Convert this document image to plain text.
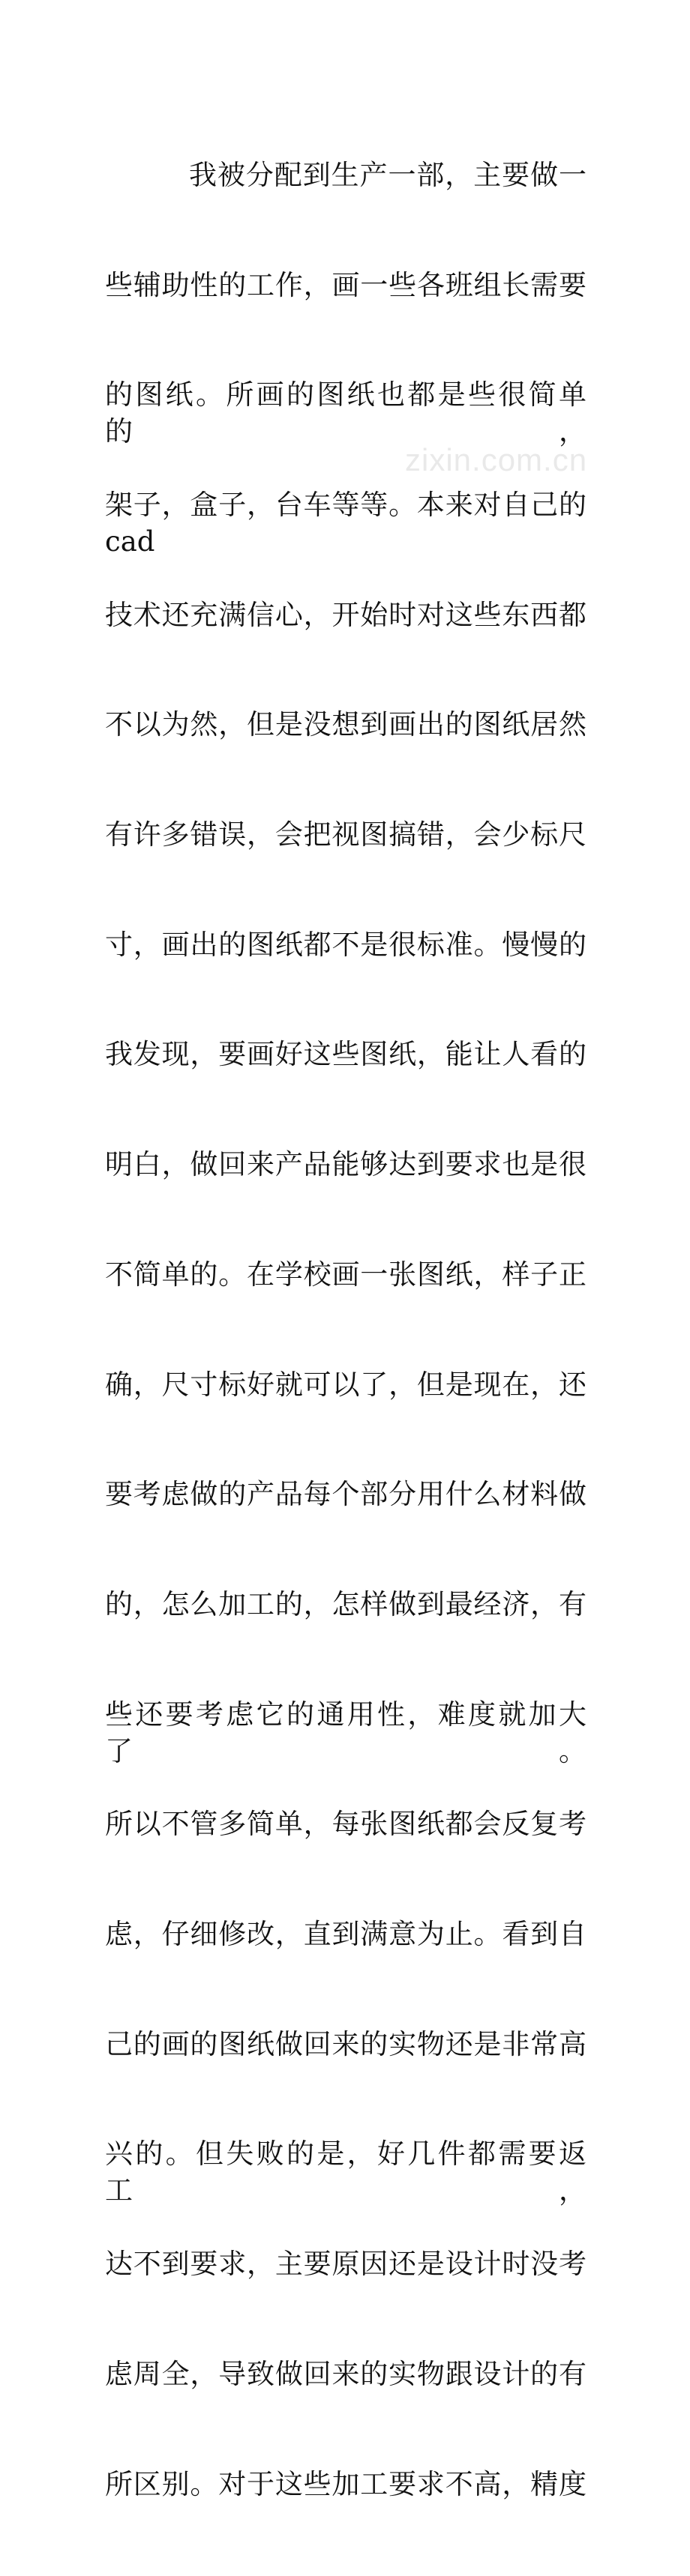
我被分配到生产一部，主要做一

些辅助性的工作，画一些各班组长需要

的图纸。所画的图纸也都是些很简单的，

架子，盒子，台车等等。本来对自己的 cad

技术还充满信心，开始时对这些东西都

不以为然，但是没想到画出的图纸居然

有许多错误，会把视图搞错，会少标尺

寸，画出的图纸都不是很标准。慢慢的

我发现，要画好这些图纸，能让人看的

明白，做回来产品能够达到要求也是很

不简单的。在学校画一张图纸，样子正

确，尺寸标好就可以了，但是现在，还

要考虑做的产品每个部分用什么材料做

的，怎么加工的，怎样做到最经济，有

些还要考虑它的通用性，难度就加大了。

所以不管多简单，每张图纸都会反复考

虑，仔细修改，直到满意为止。看到自

己的画的图纸做回来的实物还是非常高

兴的。但失败的是，好几件都需要返工，

达不到要求，主要原因还是设计时没考

虑周全，导致做回来的实物跟设计的有

所区别。对于这些加工要求不高，精度

zixin.com.cn
